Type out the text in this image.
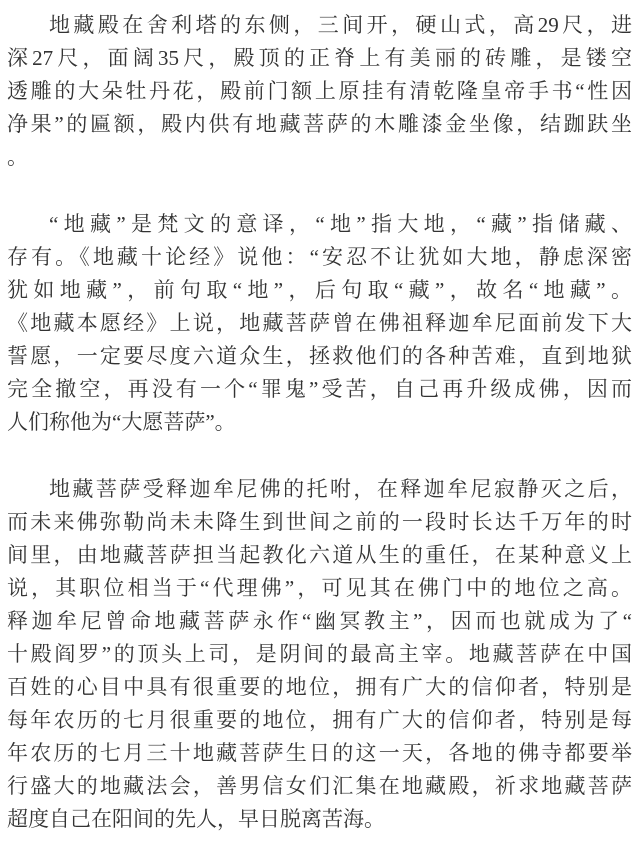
地藏殿在舍利塔的东侧，三间开，硬山式，高29尺，进
深27尺，面阔35尺，殿顶的正脊上有美丽的砖雕，是镂空
透雕的大朵牡丹花，殿前门额上原挂有清乾隆皇帝手书“性因
净果”的匾额，殿内供有地藏菩萨的木雕漆金坐像，结跏趺坐
。

“地藏”是梵文的意译，“地”指大地，“藏”指储藏、
存有。《地藏十论经》说他：“安忍不让犹如大地，静虑深密
犹如地藏”，前句取“地”，后句取“藏”，故名“地藏”。
《地藏本愿经》上说，地藏菩萨曾在佛祖释迦牟尼面前发下大
誓愿，一定要尽度六道众生，拯救他们的各种苦难，直到地狱
完全撤空，再没有一个“罪鬼”受苦，自己再升级成佛，因而
人们称他为“大愿菩萨”。

地藏菩萨受释迦牟尼佛的托咐，在释迦牟尼寂静灭之后，
而未来佛弥勒尚未未降生到世间之前的一段时长达千万年的时
间里，由地藏菩萨担当起教化六道从生的重任，在某种意义上
说，其职位相当于“代理佛”，可见其在佛门中的地位之高。
释迦牟尼曾命地藏菩萨永作“幽冥教主”，因而也就成为了“
十殿阎罗”的顶头上司，是阴间的最高主宰。地藏菩萨在中国
百姓的心目中具有很重要的地位，拥有广大的信仰者，特别是
每年农历的七月很重要的地位，拥有广大的信仰者，特别是每
年农历的七月三十地藏菩萨生日的这一天，各地的佛寺都要举
行盛大的地藏法会，善男信女们汇集在地藏殿，祈求地藏菩萨
超度自己在阳间的先人，早日脱离苦海。
